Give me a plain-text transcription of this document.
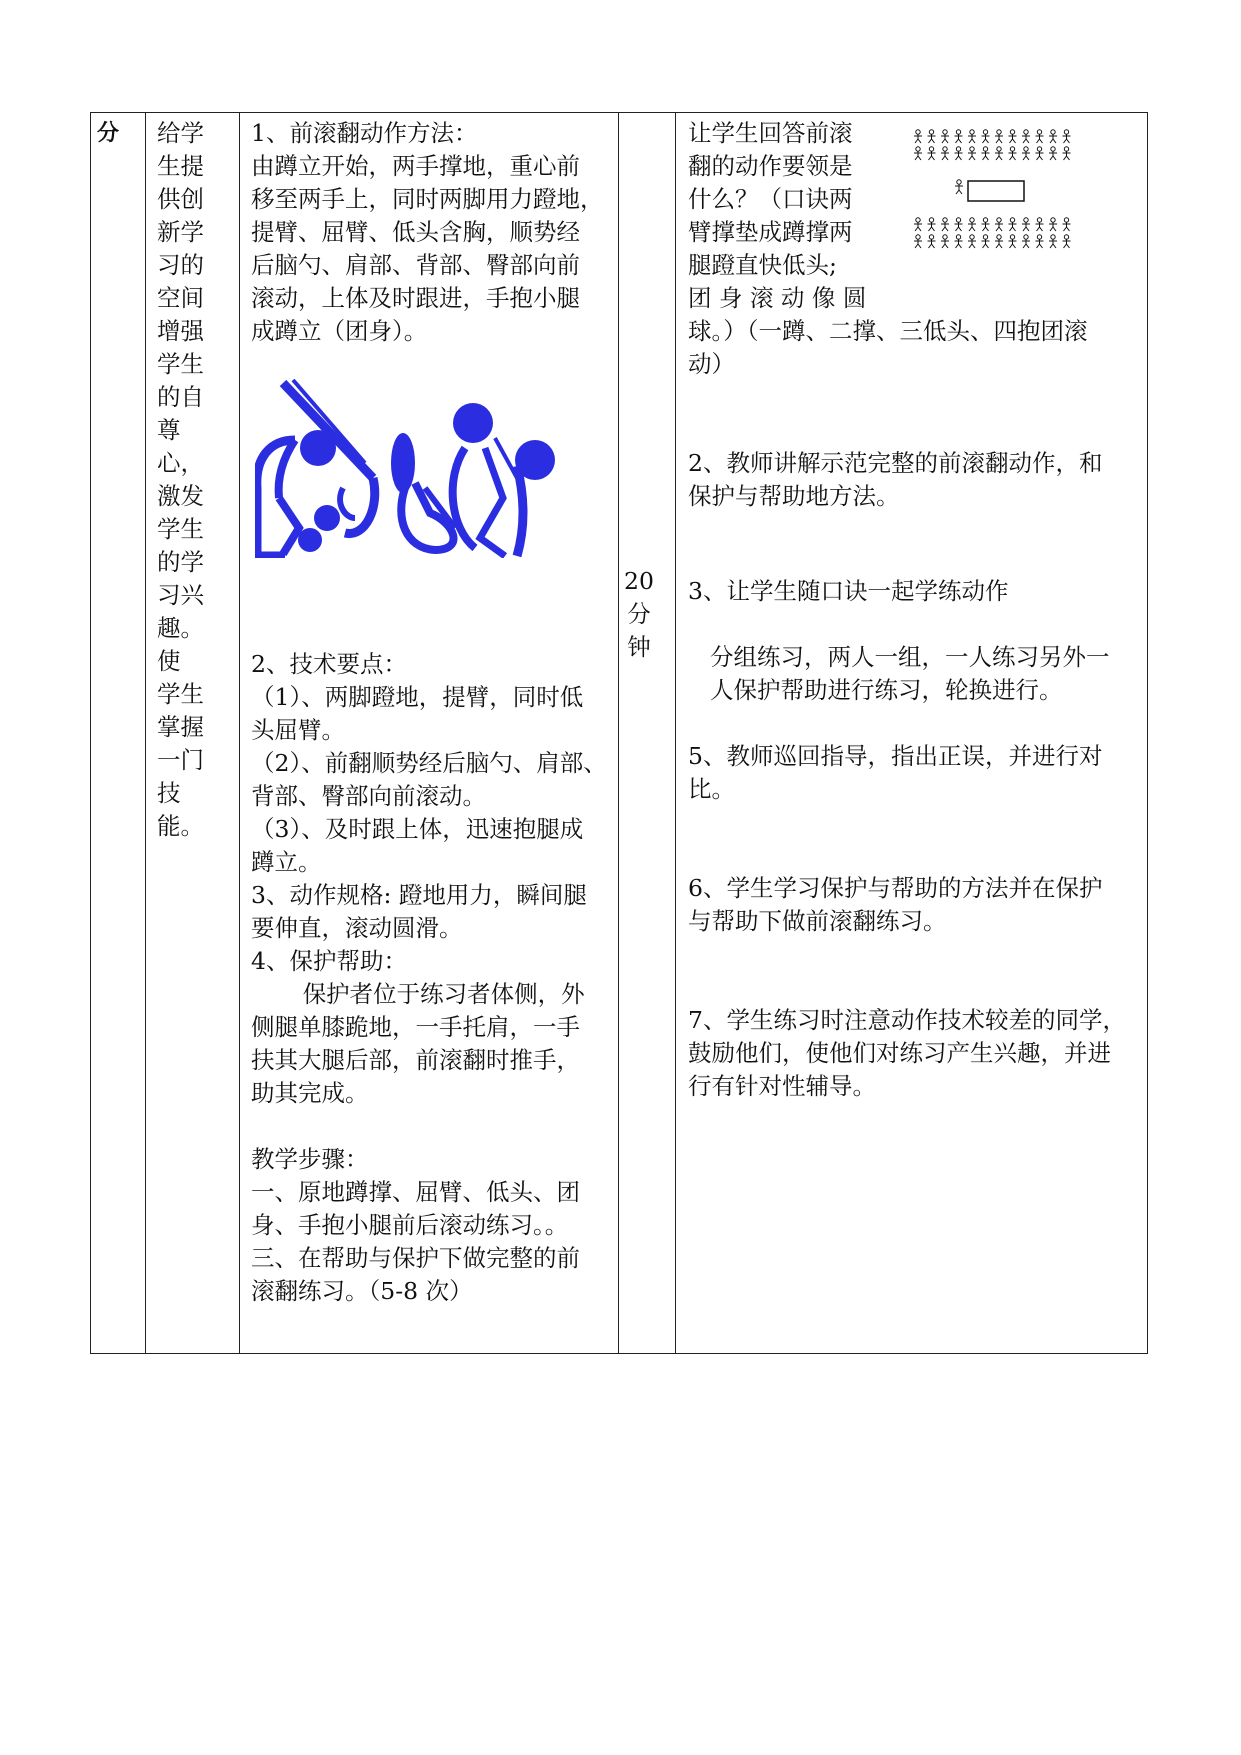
分	给学
生提
供创
新学
习的
空间
增强
学生
的自
尊心，
激发
学生
的学
习兴
趣。使
学生
掌握
一门
技能。
1、前滚翻动作方法：
由蹲立开始，两手撑地，重心前
移至两手上，同时两脚用力蹬地，
提臂、屈臂、低头含胸，顺势经
后脑勺、肩部、背部、臀部向前
滚动，上体及时跟进，手抱小腿
成蹲立（团身）。
2、技术要点：
（1）、两脚蹬地，提臂，同时低
头屈臂。
（2）、前翻顺势经后脑勺、肩部、
背部、臀部向前滚动。
（3）、及时跟上体，迅速抱腿成
蹲立。
3、动作规格: 蹬地用力，瞬间腿
要伸直，滚动圆滑。
4、保护帮助：
保护者位于练习者体侧，外
侧腿单膝跪地，一手托肩，一手
扶其大腿后部，前滚翻时推手，
助其完成。
教学步骤：
一、原地蹲撑、屈臂、低头、团
身、手抱小腿前后滚动练习。。
三、在帮助与保护下做完整的前
滚翻练习。（5-8 次）
20
分
钟
让学生回答前滚
翻的动作要领是
什么？（口诀两
臂撑垫成蹲撑两
腿蹬直快低头;
团 身 滚 动 像 圆
球。）（一蹲、二撑、三低头、四抱团滚
动）
2、教师讲解示范完整的前滚翻动作，和
保护与帮助地方法。
3、让学生随口诀一起学练动作
分组练习，两人一组，一人练习另外一
人保护帮助进行练习，轮换进行。
5、教师巡回指导，指出正误，并进行对
比。
6、学生学习保护与帮助的方法并在保护
与帮助下做前滚翻练习。
7、学生练习时注意动作技术较差的同学，
鼓励他们，使他们对练习产生兴趣，并进
行有针对性辅导。
